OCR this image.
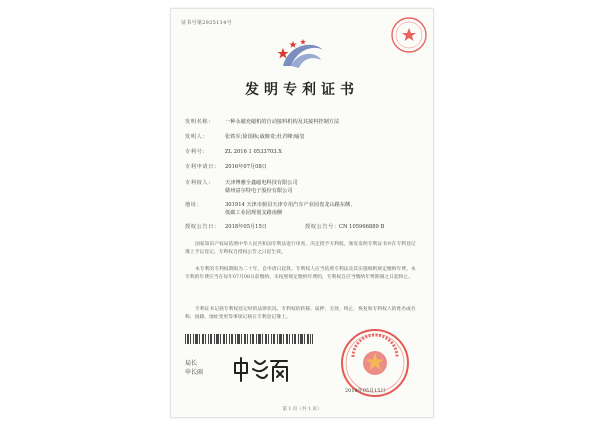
证书号第2925114号
发明专利证书
发明名称： 一种永磁充磁机的自动接料机构及其接料控制方法
发明人：	张铁军;徐国栋;戚映奇;杜君峰;喻玺
专利号：	ZL 2016 1 0533703.X
专利申请日： 2016年07月08日
专利权人： 天津博雅全鑫磁电科技有限公司
赣州富尔特电子股份有限公司
地址：	301914 天津市蓟县天津专用汽车产业园盘龙山路东侧、
低碳工业园规划支路南侧
授权公告日： 2018年05月15日	授权公告号：CN 105966889 B
国家知识产权局依照中华人民共和国专利法进行审查，决定授予专利权，颁发发明专利证书并在专利登记簿上予以登记。专利权自授权公告之日起生效。
本专利的专利权期限为二十年，自申请日起算。专利权人应当依照专利法及其实施细则规定缴纳年费。本专利的年费应当在每年07月08日前缴纳。未按照规定缴纳年费的，专利权自应当缴纳年费期满之日起终止。
专利证书记载专利权登记时的法律状况。专利权的转移、质押、无效、终止、恢复和专利权人的姓名或名称、国籍、地址变更等事项记载在专利登记簿上。
局长
申长雨
2018年05月15日
第 1 页（共 1 页）
